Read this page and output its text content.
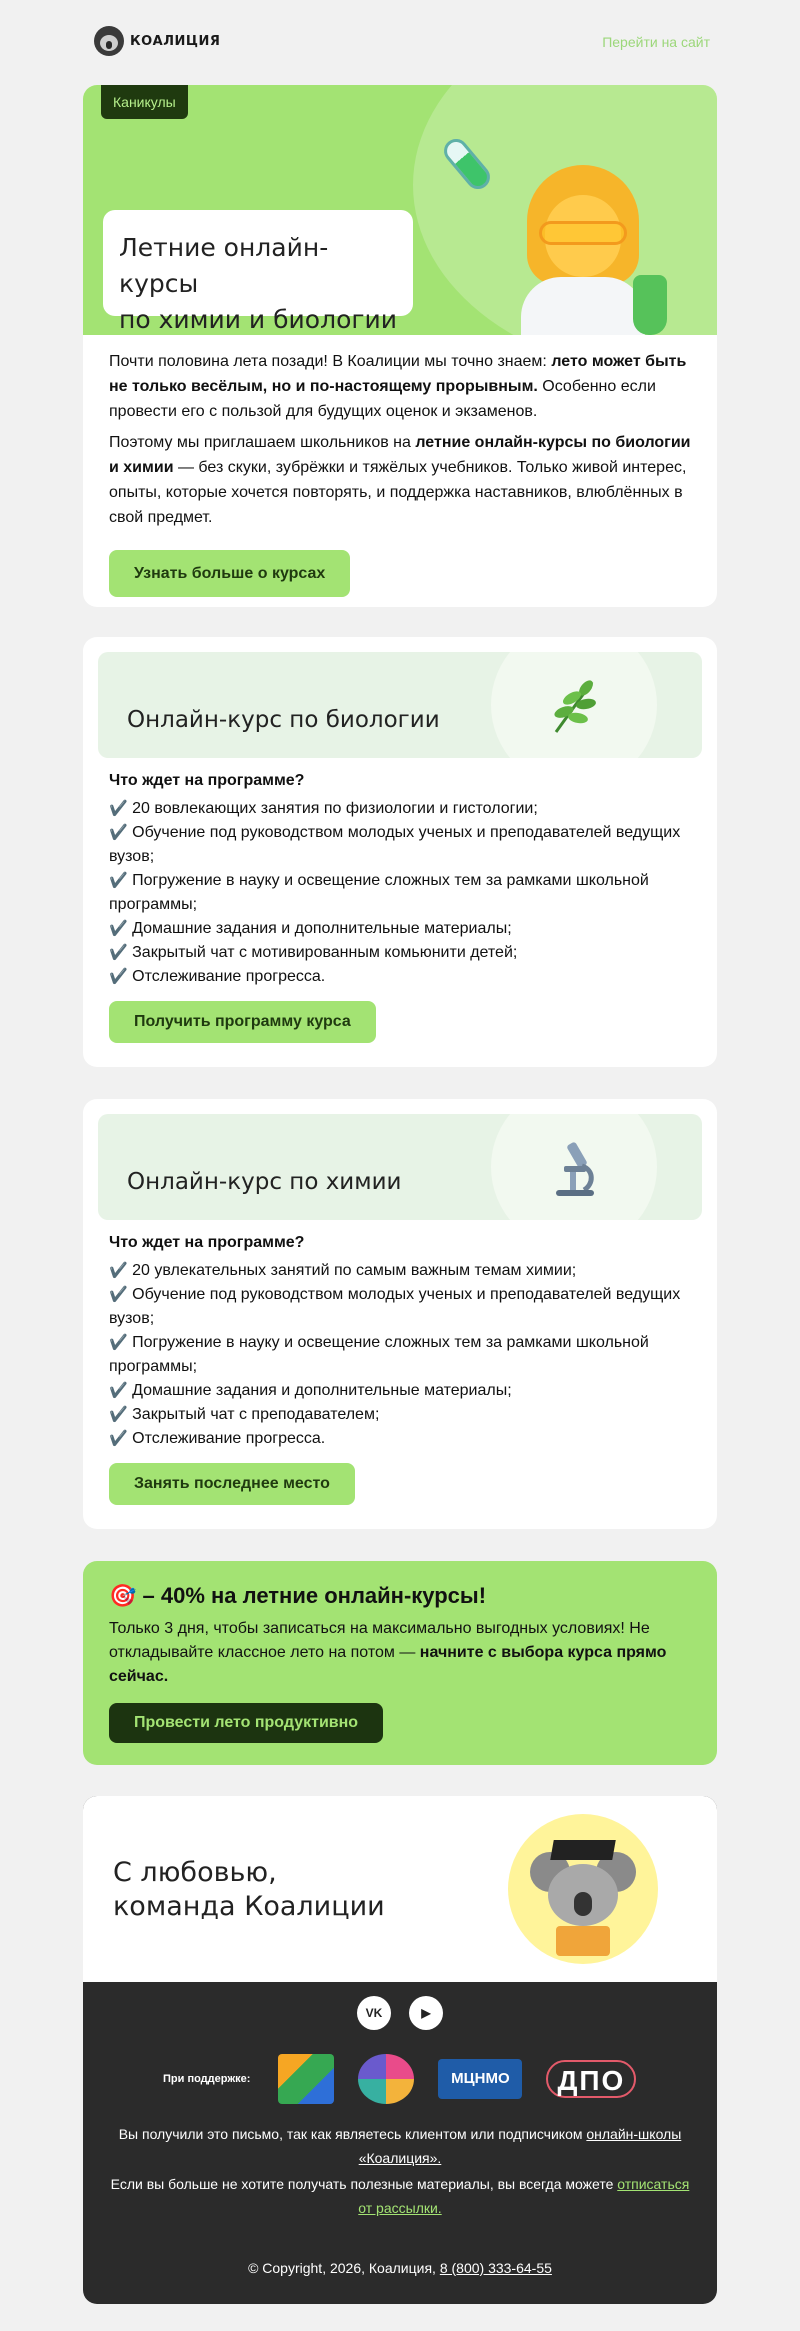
КОАЛИЦИЯ	Перейти на сайт
Каникулы
Летние онлайн-курсы
по химии и биологии

Почти половина лета позади! В Коалиции мы точно знаем: лето может быть не только весёлым, но и по-настоящему прорывным. Особенно если провести его с пользой для будущих оценок и экзаменов.

Поэтому мы приглашаем школьников на летние онлайн-курсы по биологии и химии — без скуки, зубрёжки и тяжёлых учебников. Только живой интерес, опыты, которые хочется повторять, и поддержка наставников, влюблённых в свой предмет.

Узнать больше о курсах
Онлайн-курс по биологии
Что ждет на программе?
✔️ 20 вовлекающих занятия по физиологии и гистологии;
✔️ Обучение под руководством молодых ученых и преподавателей ведущих вузов;
✔️ Погружение в науку и освещение сложных тем за рамками школьной программы;
✔️ Домашние задания и дополнительные материалы;
✔️ Закрытый чат с мотивированным комьюнити детей;
✔️ Отслеживание прогресса.
Получить программу курса
Онлайн-курс по химии
Что ждет на программе?
✔️ 20 увлекательных занятий по самым важным темам химии;
✔️ Обучение под руководством молодых ученых и преподавателей ведущих вузов;
✔️ Погружение в науку и освещение сложных тем за рамками школьной программы;
✔️ Домашние задания и дополнительные материалы;
✔️ Закрытый чат с преподавателем;
✔️ Отслеживание прогресса.
Занять последнее место
🎯 – 40% на летние онлайн-курсы!
Только 3 дня, чтобы записаться на максимально выгодных условиях! Не откладывайте классное лето на потом — начните с выбора курса прямо сейчас.
Провести лето продуктивно
С любовью,
команда Коалиции
VK	▶
При поддержке:	МЦНМО	ДПО
Вы получили это письмо, так как являетесь клиентом или подписчиком онлайн-школы «Коалиция».
Если вы больше не хотите получать полезные материалы, вы всегда можете отписаться от рассылки.
© Copyright, 2026, Коалиция, 8 (800) 333-64-55
